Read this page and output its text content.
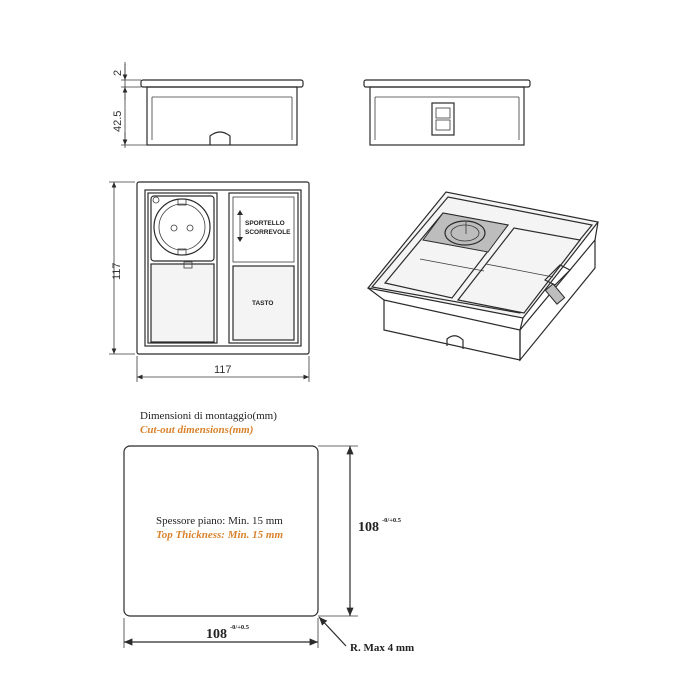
2
42.5
SPORTELLO
SCORREVOLE
TASTO
117
117
Dimensioni di montaggio(mm)
Cut-out dimensions(mm)
Spessore piano: Min. 15 mm
Top Thickness: Min. 15 mm	108 -0/+0.5
108 -0/+0.5
R. Max 4 mm
